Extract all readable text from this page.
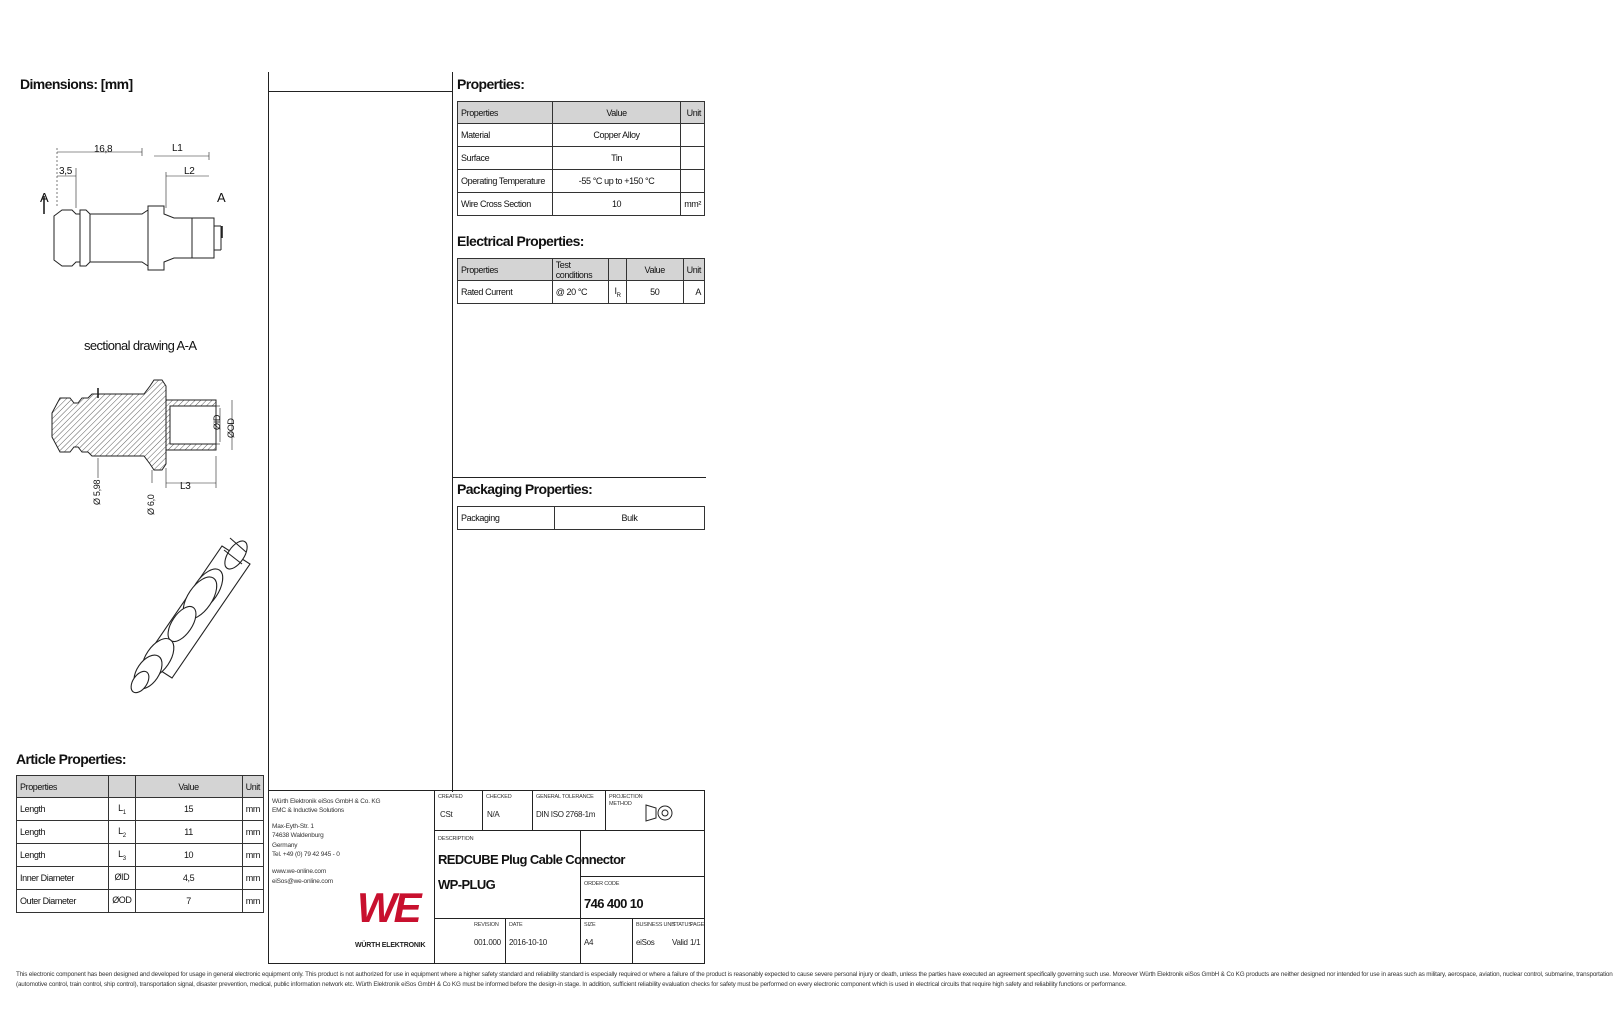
Dimensions: [mm]
16,8	L1
3,5	L2
A	A
sectional drawing A-A
L3
ØID ØOD
Ø 5,98	Ø 6,0
Properties:
Properties	Value	Unit
Material	Copper Alloy	
Surface	Tin	
Operating Temperature	-55 °C up to +150 °C	
Wire Cross Section	10	mm²
Electrical Properties:
Properties	Test conditions		Value	Unit
Rated Current	@ 20 °C	$I_R$	50	A
Packaging Properties:
Packaging	Bulk
Article Properties:
Properties		Value	Unit
Length	$L_1$	15	mm
Length	$L_2$	11	mm
Length	$L_3$	10	mm
Inner Diameter	ØID	4,5	mm
Outer Diameter	ØOD	7	mm
Würth Elektronik eiSos GmbH & Co. KG
EMC & Inductive Solutions
Max-Eyth-Str. 1
74638 Waldenburg
Germany
Tel. +49 (0) 79 42 945 - 0
www.we-online.com
eiSos@we-online.com
WE
WÜRTH ELEKTRONIK
CREATED
CSt
CHECKED
N/A
GENERAL TOLERANCE
DIN ISO 2768-1m
PROJECTION METHOD
DESCRIPTION
REDCUBE Plug Cable Connector
WP-PLUG	ORDER CODE
746 400 10
REVISION
001.000
DATE
2016-10-10
SIZE
A4
BUSINESS UNIT
eiSos
STATUS
Valid
PAGE
1/1
This electronic component has been designed and developed for usage in general electronic equipment only. This product is not authorized for use in equipment where a higher safety standard and reliability standard is especially required or where a failure of the product is reasonably expected to cause severe personal injury or death, unless the parties have executed an agreement specifically governing such use. Moreover Würth Elektronik eiSos GmbH & Co KG products are neither designed nor intended for use in areas such as military, aerospace, aviation, nuclear control, submarine, transportation
(automotive control, train control, ship control), transportation signal, disaster prevention, medical, public information network etc. Würth Elektronik eiSos GmbH & Co KG must be informed before the design-in stage. In addition, sufficient reliability evaluation checks for safety must be performed on every electronic component which is used in electrical circuits that require high safety and reliability functions or performance.
